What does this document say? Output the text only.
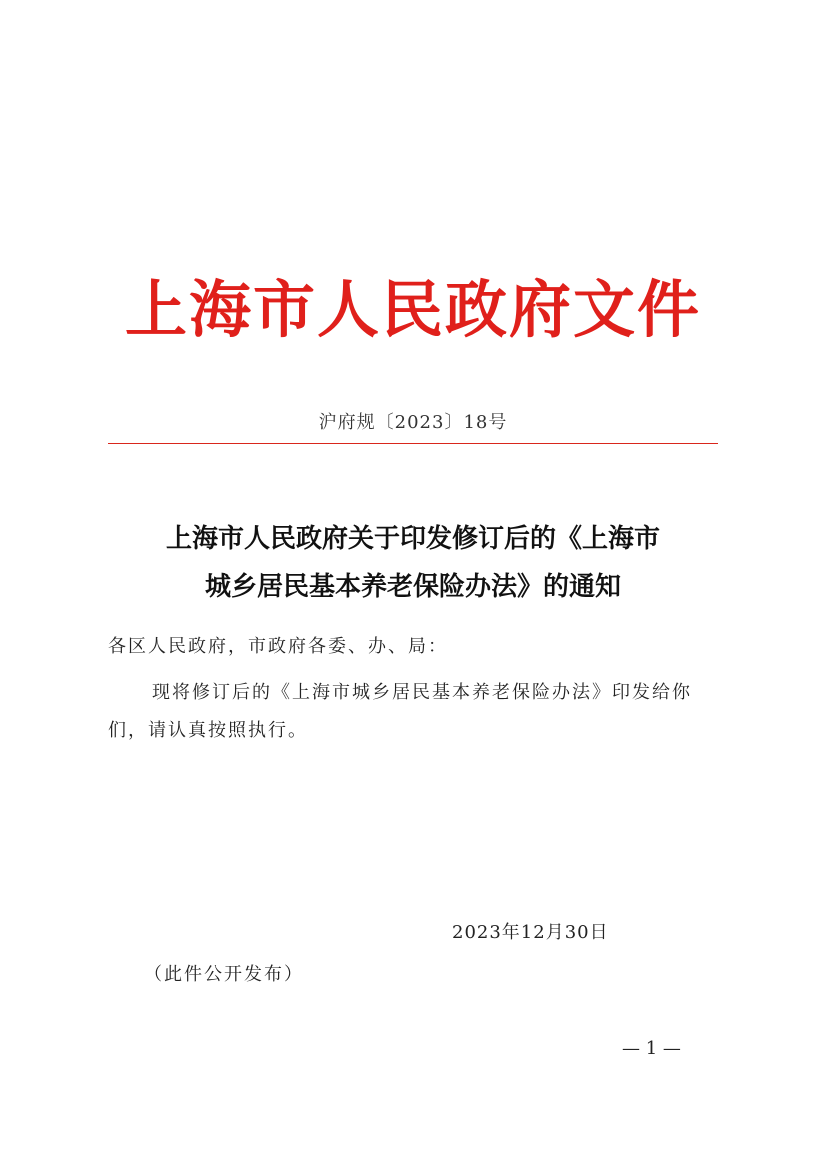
上海市人民政府文件
沪府规〔2023〕18号
上海市人民政府关于印发修订后的《上海市
城乡居民基本养老保险办法》的通知
各区人民政府，市政府各委、办、局：
现将修订后的《上海市城乡居民基本养老保险办法》印发给你
们，请认真按照执行。
2023年12月30日
（此件公开发布）
— 1 —
